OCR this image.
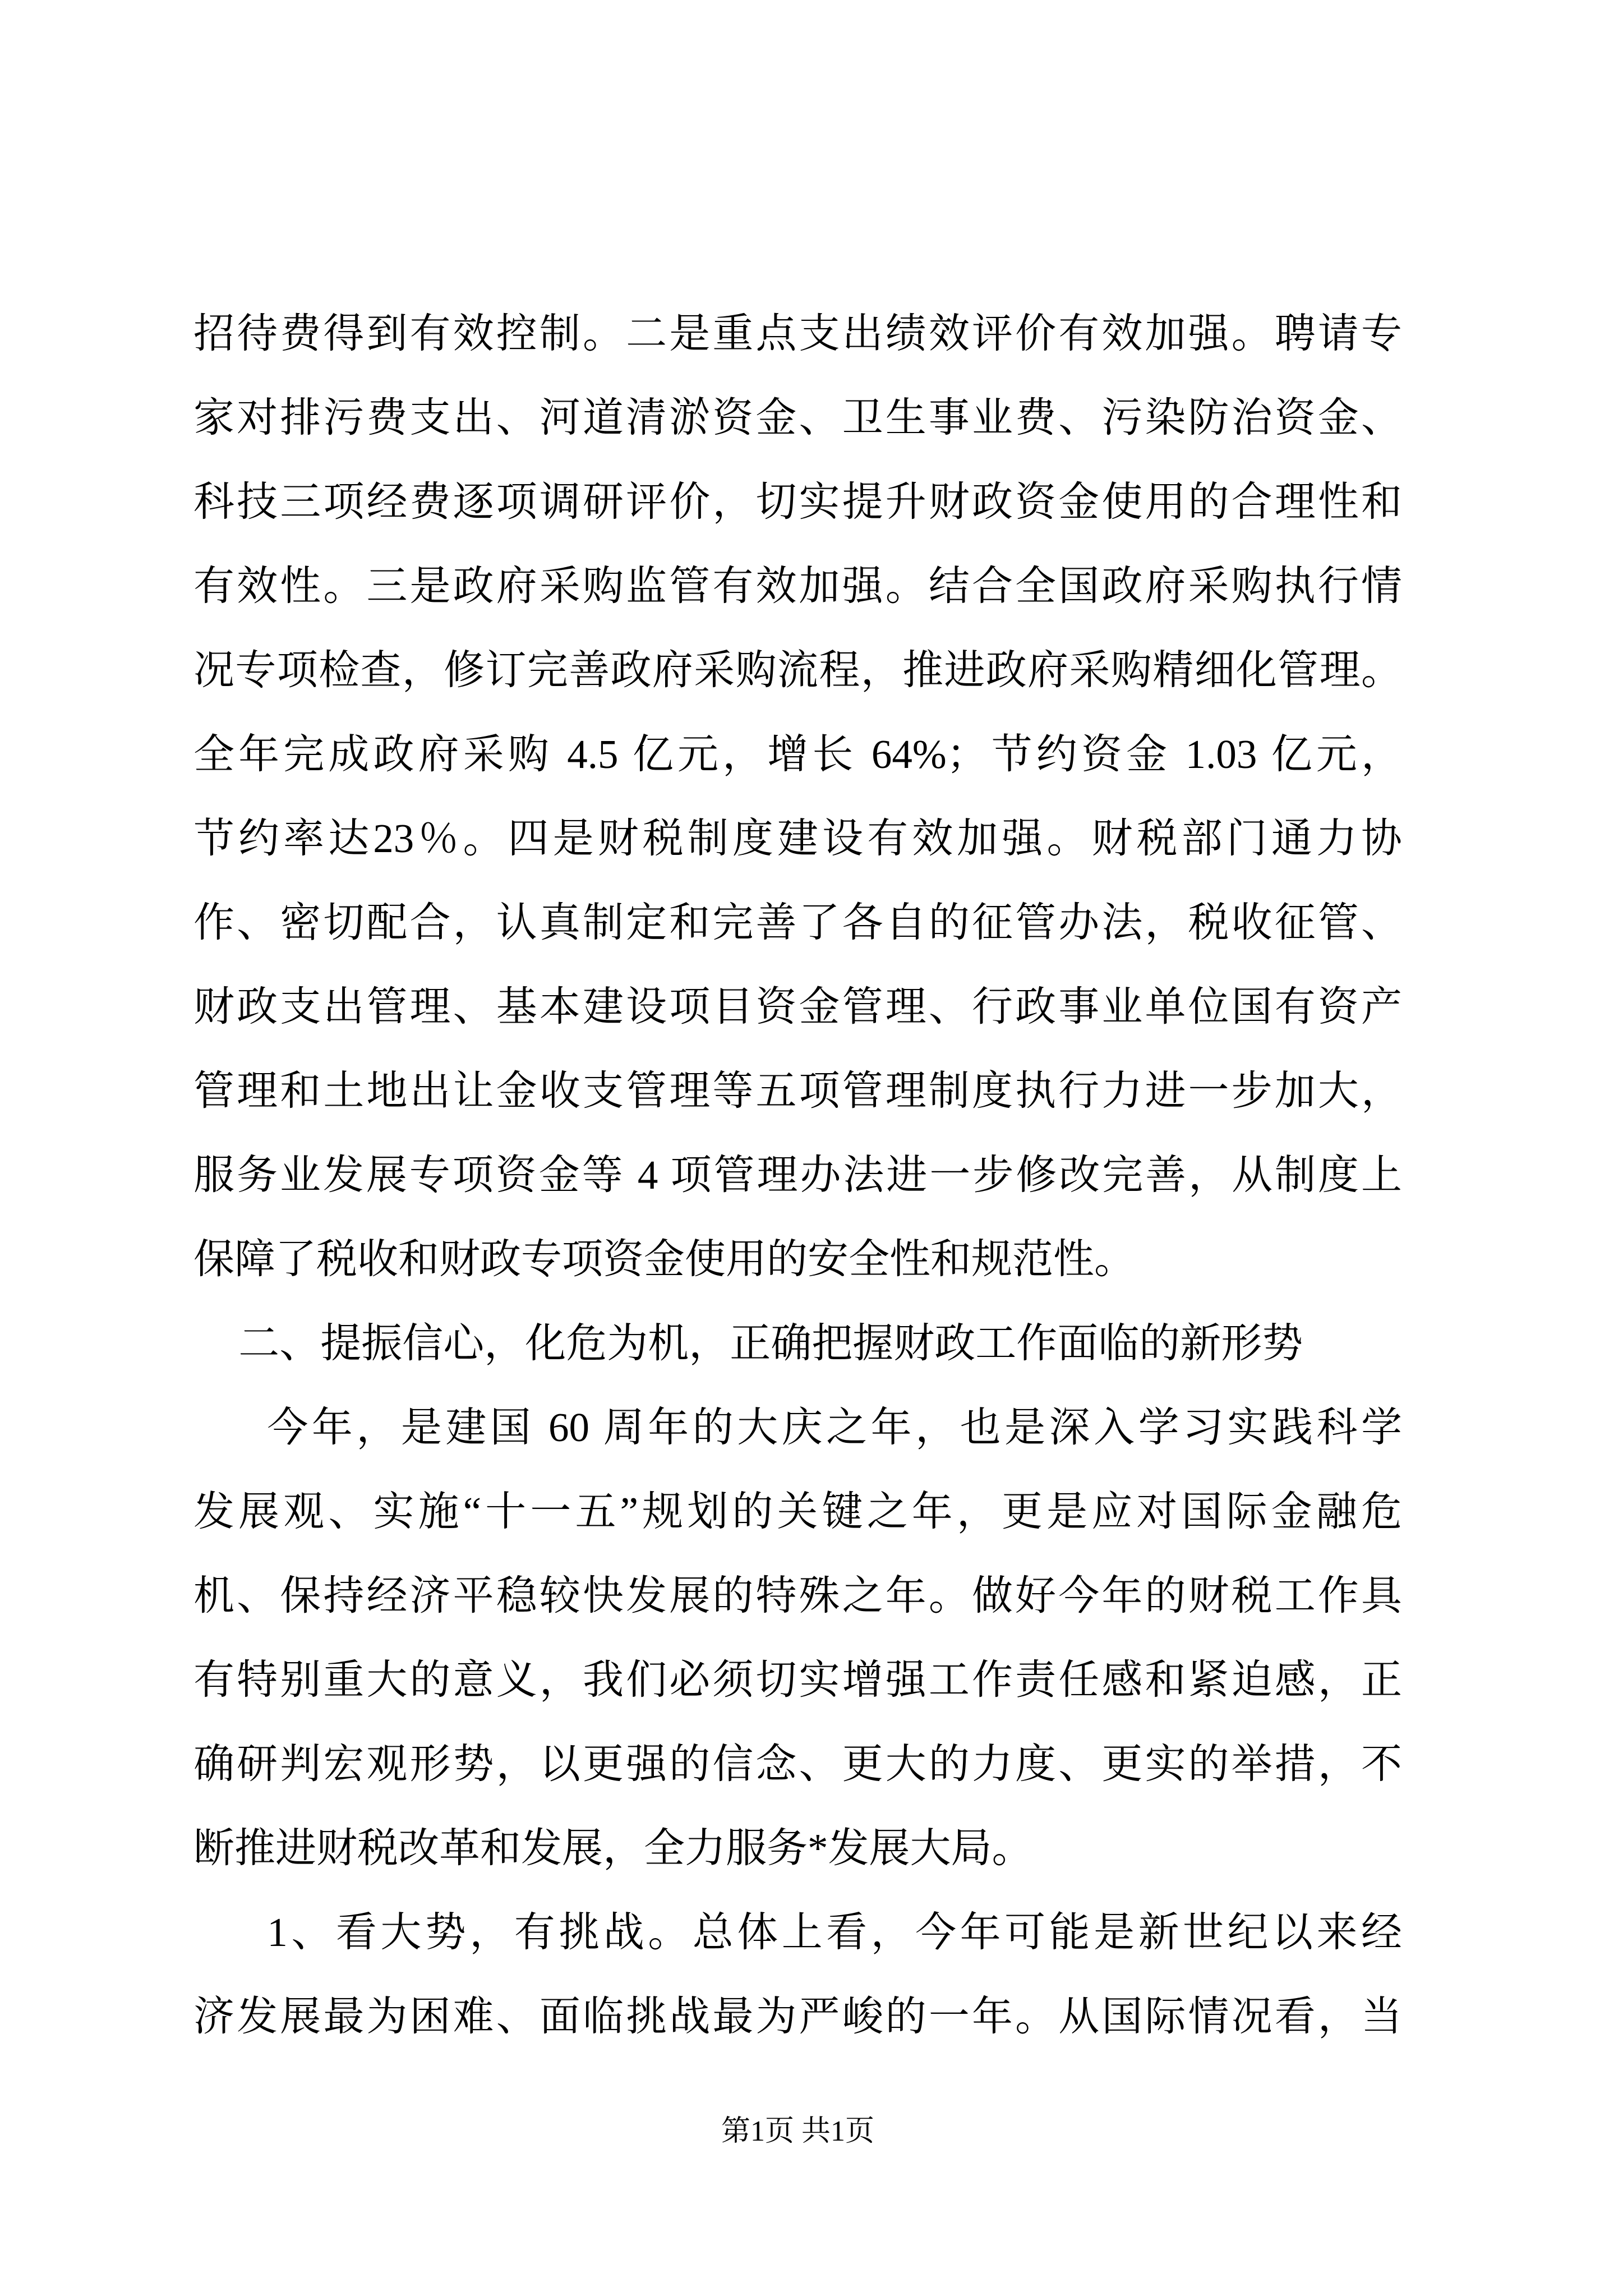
招待费得到有效控制。二是重点支出绩效评价有效加强。聘请专
家对排污费支出、河道清淤资金、卫生事业费、污染防治资金、
科技三项经费逐项调研评价，切实提升财政资金使用的合理性和
有效性。三是政府采购监管有效加强。结合全国政府采购执行情
况专项检查，修订完善政府采购流程，推进政府采购精细化管理。
全年完成政府采购 4.5 亿元，增长 64%；节约资金 1.03 亿元，
节约率达23％。四是财税制度建设有效加强。财税部门通力协
作、密切配合，认真制定和完善了各自的征管办法，税收征管、
财政支出管理、基本建设项目资金管理、行政事业单位国有资产
管理和土地出让金收支管理等五项管理制度执行力进一步加大，
服务业发展专项资金等 4 项管理办法进一步修改完善，从制度上
保障了税收和财政专项资金使用的安全性和规范性。
二、提振信心，化危为机，正确把握财政工作面临的新形势
今年，是建国 60 周年的大庆之年，也是深入学习实践科学
发展观、实施“十一五”规划的关键之年，更是应对国际金融危
机、保持经济平稳较快发展的特殊之年。做好今年的财税工作具
有特别重大的意义，我们必须切实增强工作责任感和紧迫感，正
确研判宏观形势，以更强的信念、更大的力度、更实的举措，不
断推进财税改革和发展，全力服务*发展大局。
1、看大势，有挑战。总体上看，今年可能是新世纪以来经
济发展最为困难、面临挑战最为严峻的一年。从国际情况看，当
第1页 共1页
